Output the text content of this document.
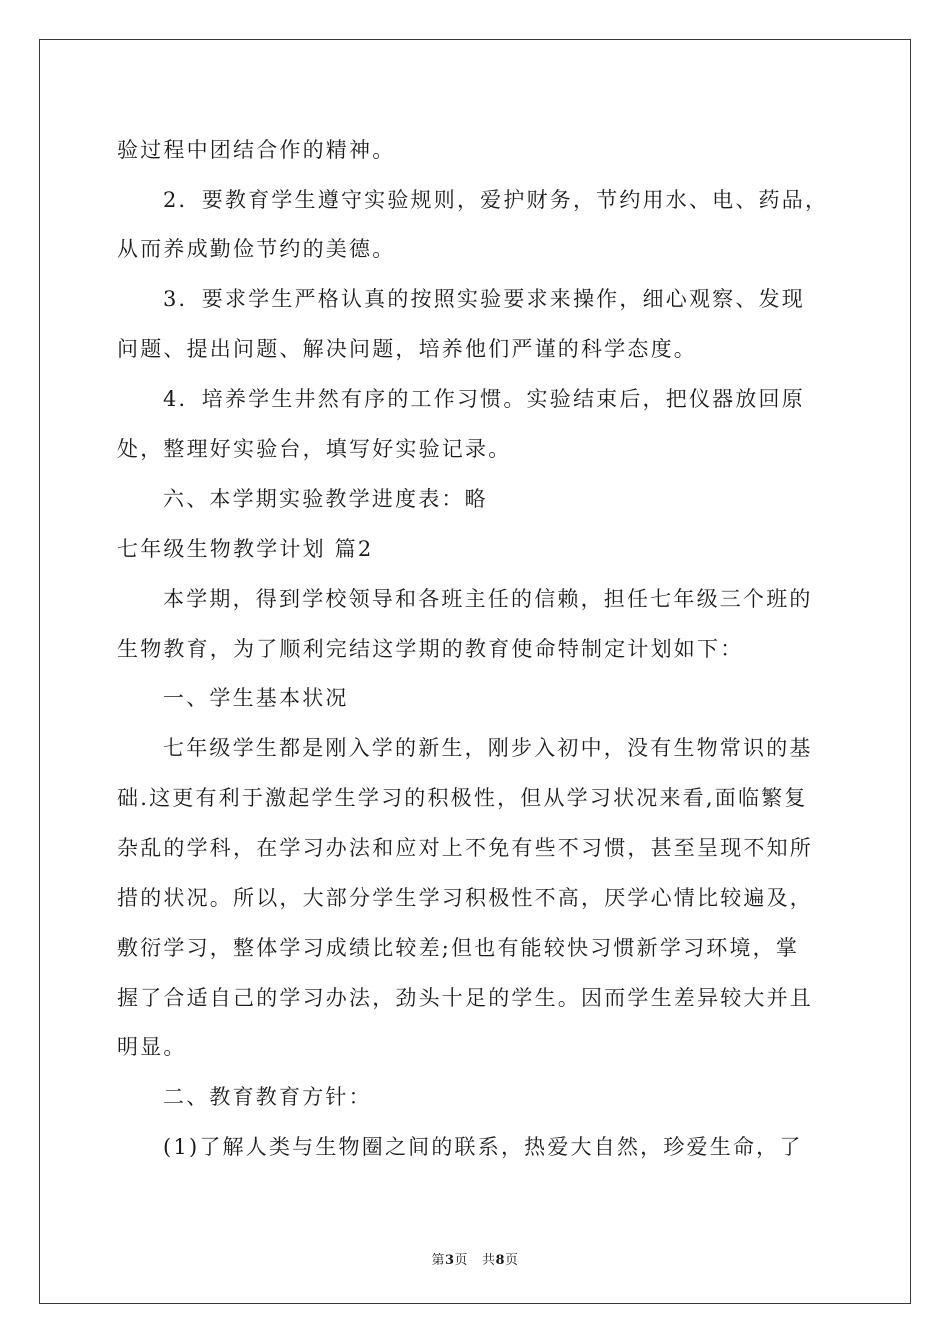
验过程中团结合作的精神。
2．要教育学生遵守实验规则，爱护财务，节约用水、电、药品，
从而养成勤俭节约的美德。
3．要求学生严格认真的按照实验要求来操作，细心观察、发现
问题、提出问题、解决问题，培养他们严谨的科学态度。
4．培养学生井然有序的工作习惯。实验结束后，把仪器放回原
处，整理好实验台，填写好实验记录。
六、本学期实验教学进度表：略
七年级生物教学计划 篇2
本学期，得到学校领导和各班主任的信赖，担任七年级三个班的
生物教育，为了顺利完结这学期的教育使命特制定计划如下：
一、学生基本状况
七年级学生都是刚入学的新生，刚步入初中，没有生物常识的基
础.这更有利于激起学生学习的积极性，但从学习状况来看,面临繁复
杂乱的学科，在学习办法和应对上不免有些不习惯，甚至呈现不知所
措的状况。所以，大部分学生学习积极性不高，厌学心情比较遍及，
敷衍学习，整体学习成绩比较差;但也有能较快习惯新学习环境，掌
握了合适自己的学习办法，劲头十足的学生。因而学生差异较大并且
明显。
二、教育教育方针：
(1)了解人类与生物圈之间的联系，热爱大自然，珍爱生命，了
第3页 共8页
